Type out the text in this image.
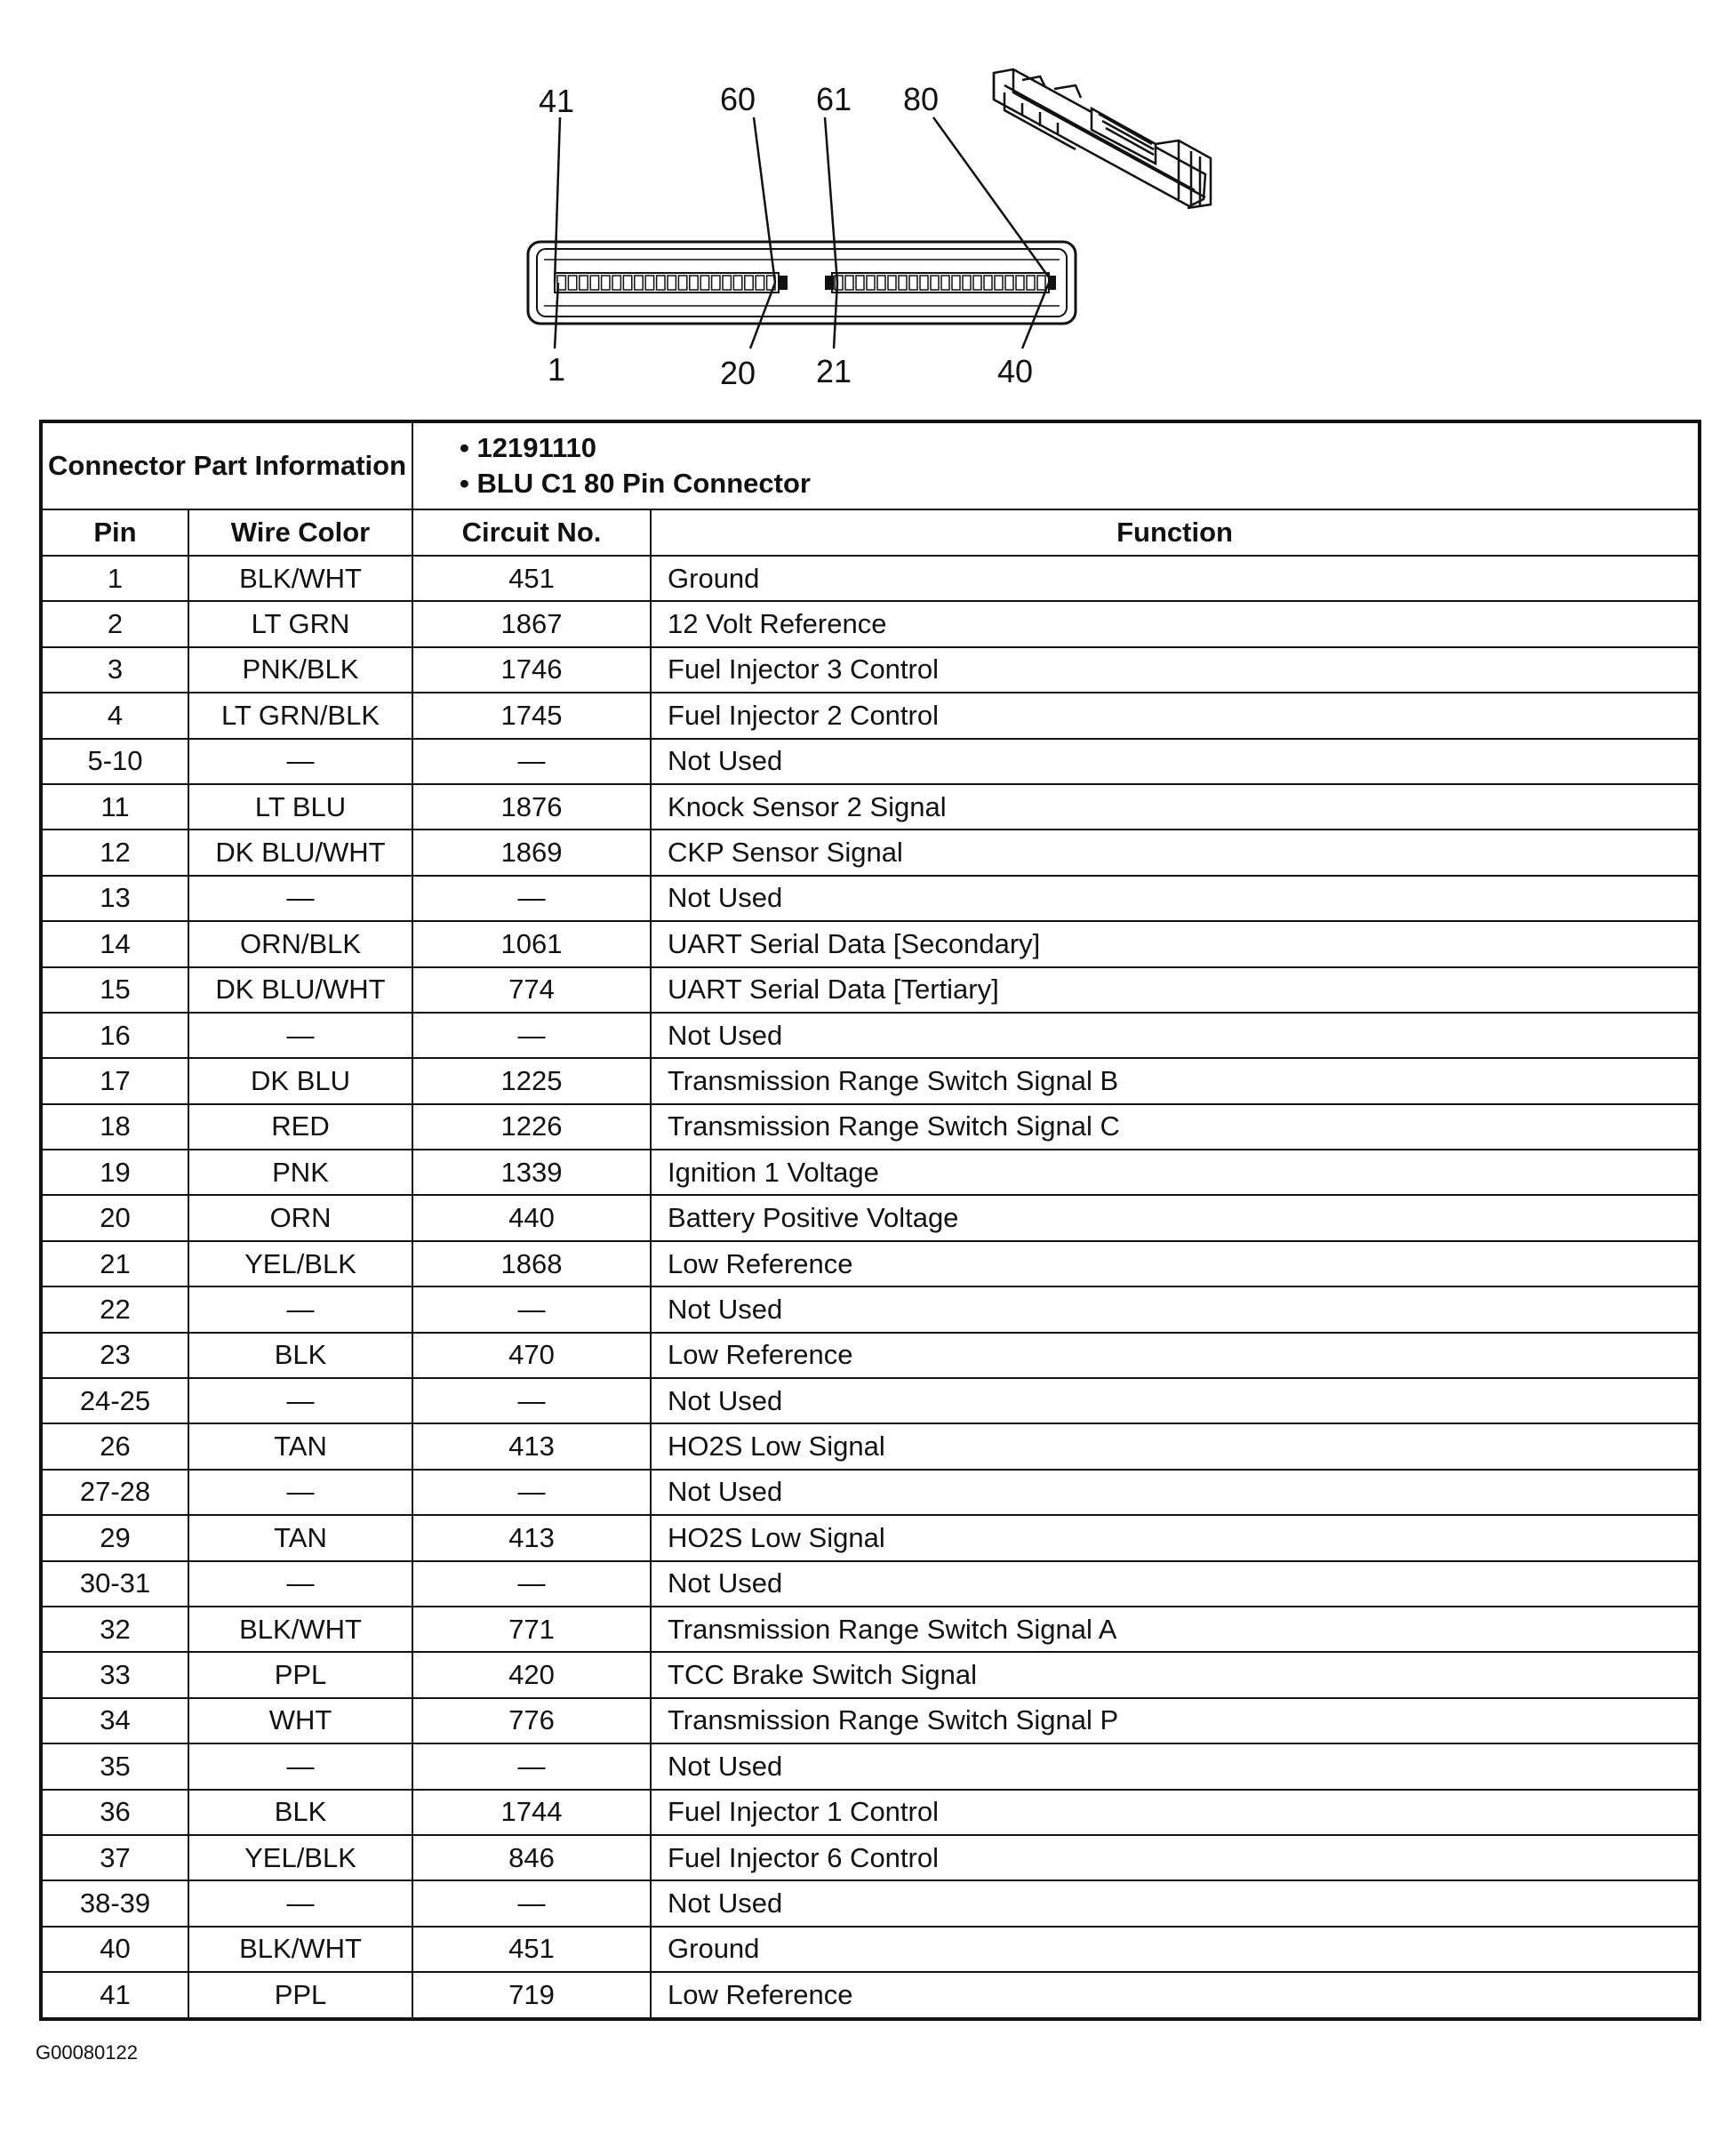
41	60 61 80
1	20 21	40
Connector Part Information		• 12191110
• BLU C1 80 Pin Connector	

Pin	Wire Color	Circuit No.	Function
1	BLK/WHT	451	Ground
2	LT GRN	1867	12 Volt Reference
3	PNK/BLK	1746	Fuel Injector 3 Control
4	LT GRN/BLK	1745	Fuel Injector 2 Control
5-10	—	—	Not Used
11	LT BLU	1876	Knock Sensor 2 Signal
12	DK BLU/WHT	1869	CKP Sensor Signal
13	—	—	Not Used
14	ORN/BLK	1061	UART Serial Data [Secondary]
15	DK BLU/WHT	774	UART Serial Data [Tertiary]
16	—	—	Not Used
17	DK BLU	1225	Transmission Range Switch Signal B
18	RED	1226	Transmission Range Switch Signal C
19	PNK	1339	Ignition 1 Voltage
20	ORN	440	Battery Positive Voltage
21	YEL/BLK	1868	Low Reference
22	—	—	Not Used
23	BLK	470	Low Reference
24-25	—	—	Not Used
26	TAN	413	HO2S Low Signal
27-28	—	—	Not Used
29	TAN	413	HO2S Low Signal
30-31	—	—	Not Used
32	BLK/WHT	771	Transmission Range Switch Signal A
33	PPL	420	TCC Brake Switch Signal
34	WHT	776	Transmission Range Switch Signal P
35	—	—	Not Used
36	BLK	1744	Fuel Injector 1 Control
37	YEL/BLK	846	Fuel Injector 6 Control
38-39	—	—	Not Used
40	BLK/WHT	451	Ground
41	PPL	719	Low Reference
G00080122
